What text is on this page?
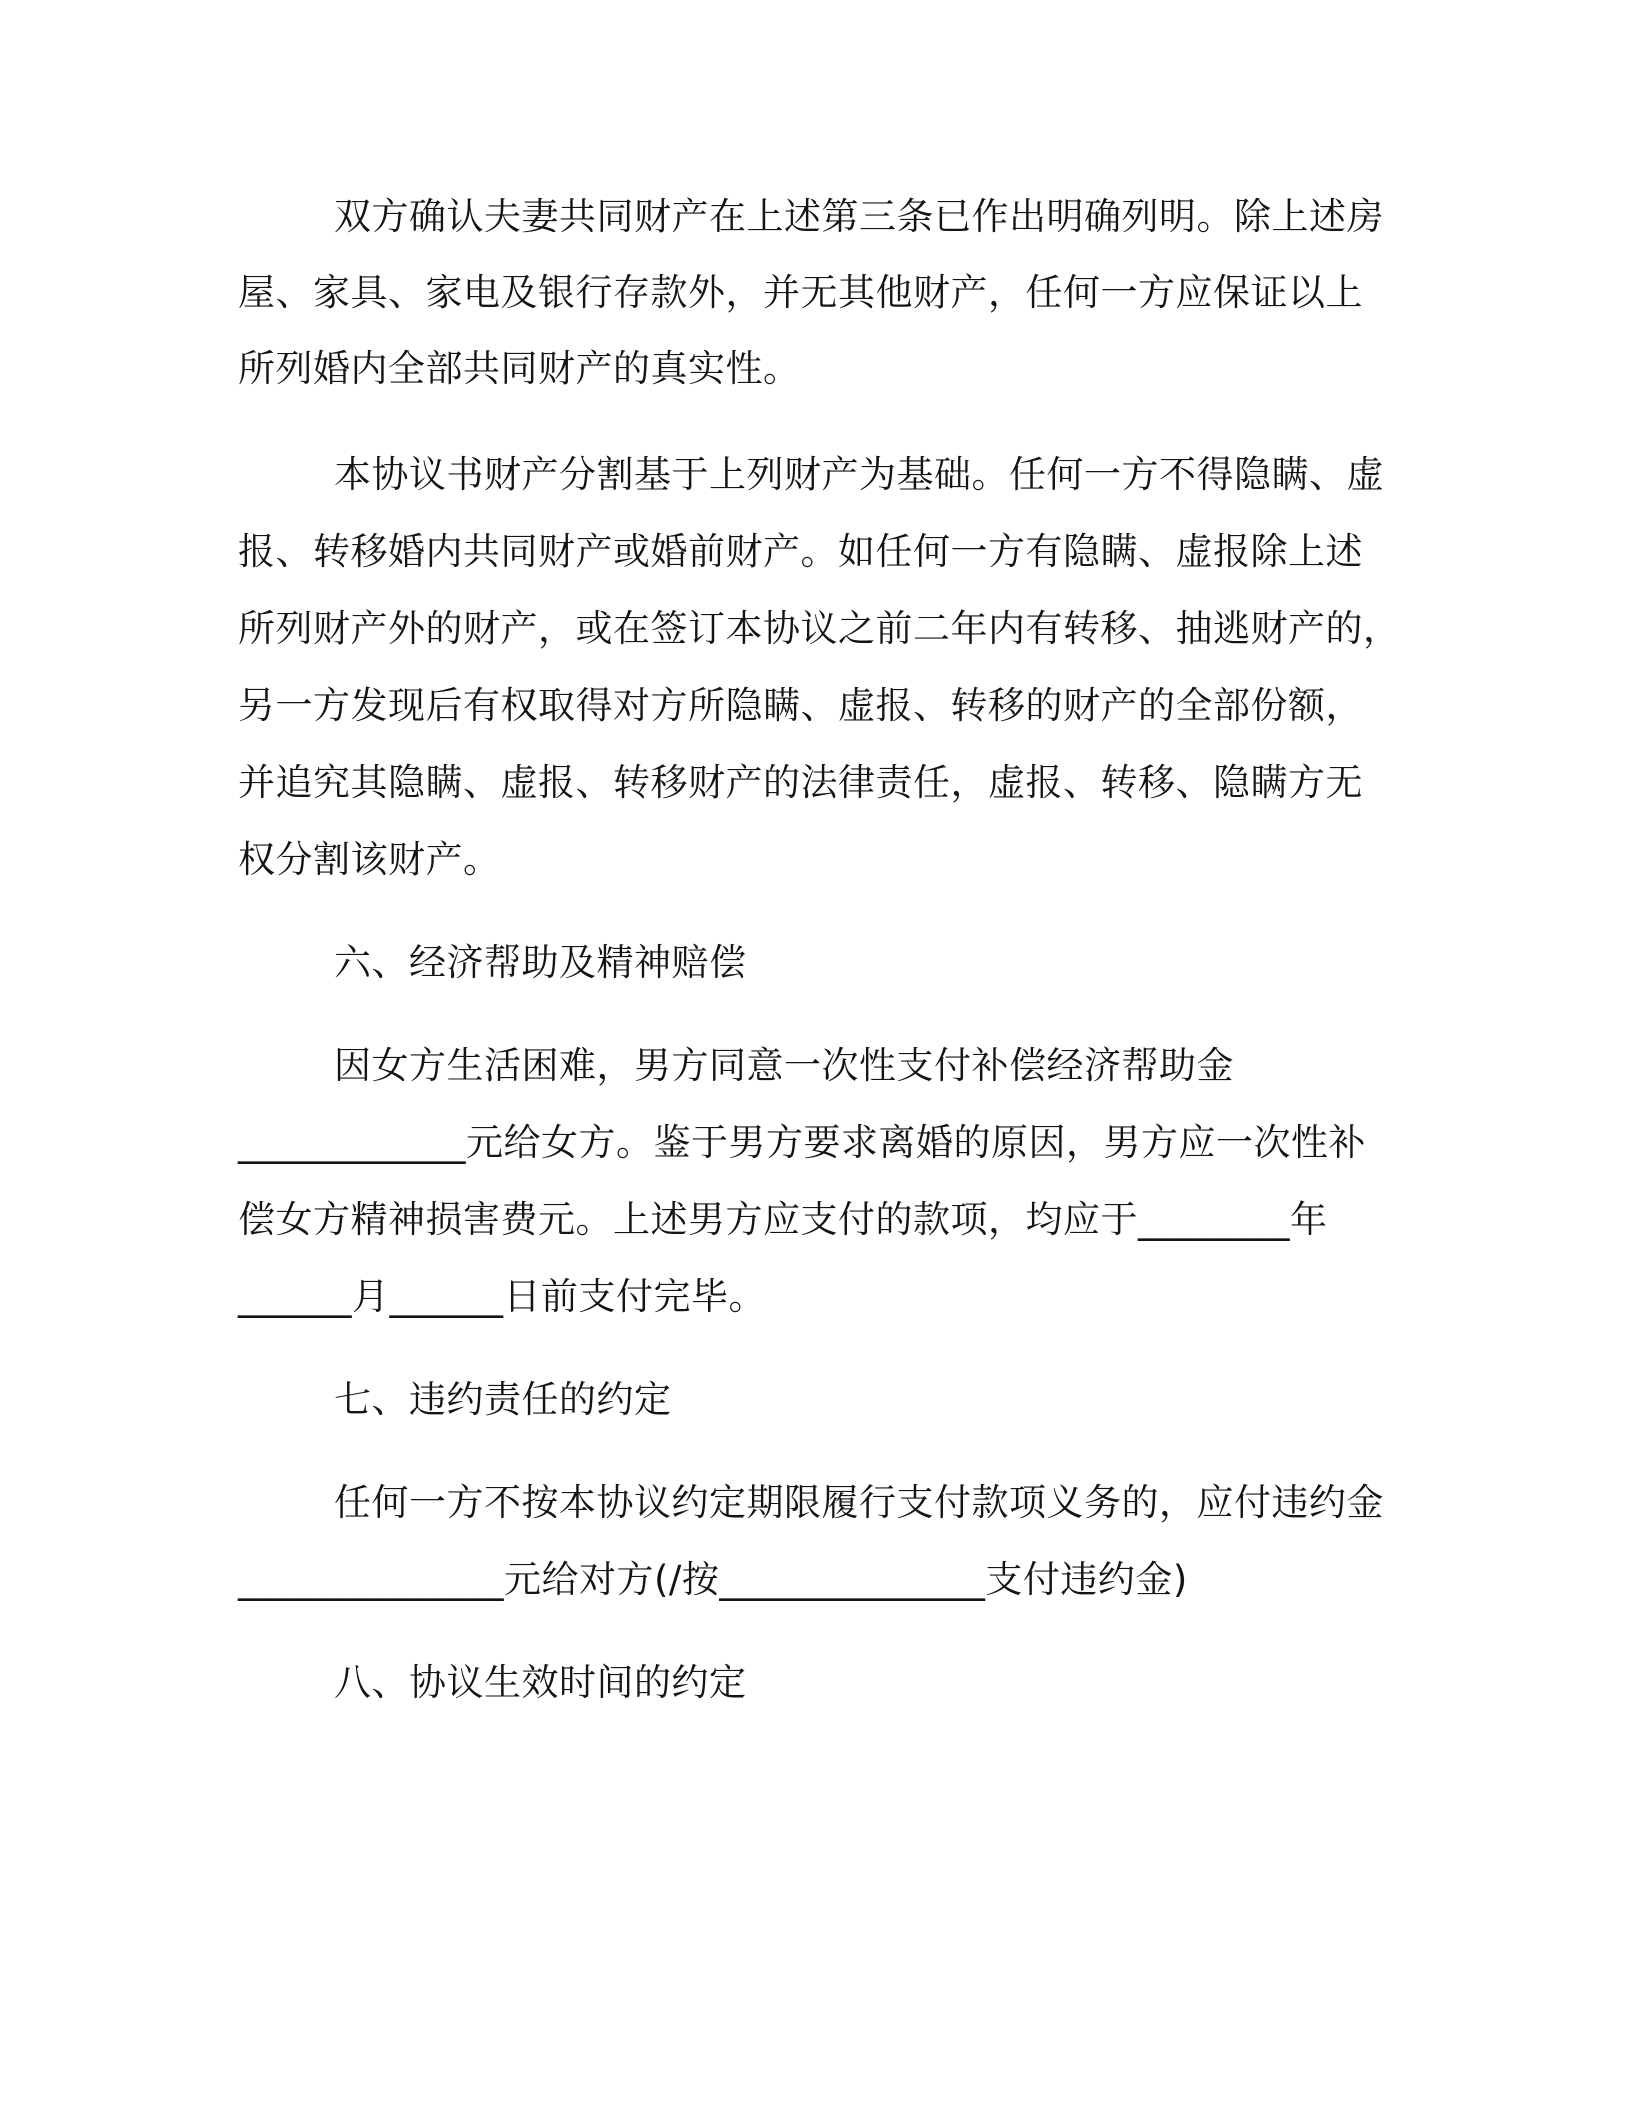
双方确认夫妻共同财产在上述第三条已作出明确列明。除上述房
屋、家具、家电及银行存款外，并无其他财产，任何一方应保证以上
所列婚内全部共同财产的真实性。
本协议书财产分割基于上列财产为基础。任何一方不得隐瞒、虚
报、转移婚内共同财产或婚前财产。如任何一方有隐瞒、虚报除上述
所列财产外的财产，或在签订本协议之前二年内有转移、抽逃财产的，
另一方发现后有权取得对方所隐瞒、虚报、转移的财产的全部份额，
并追究其隐瞒、虚报、转移财产的法律责任，虚报、转移、隐瞒方无
权分割该财产。
六、经济帮助及精神赔偿
因女方生活困难，男方同意一次性支付补偿经济帮助金
____________元给女方。鉴于男方要求离婚的原因，男方应一次性补
偿女方精神损害费元。上述男方应支付的款项，均应于________年
______月______日前支付完毕。
七、违约责任的约定
任何一方不按本协议约定期限履行支付款项义务的，应付违约金
______________元给对方(/按______________支付违约金)
八、协议生效时间的约定
